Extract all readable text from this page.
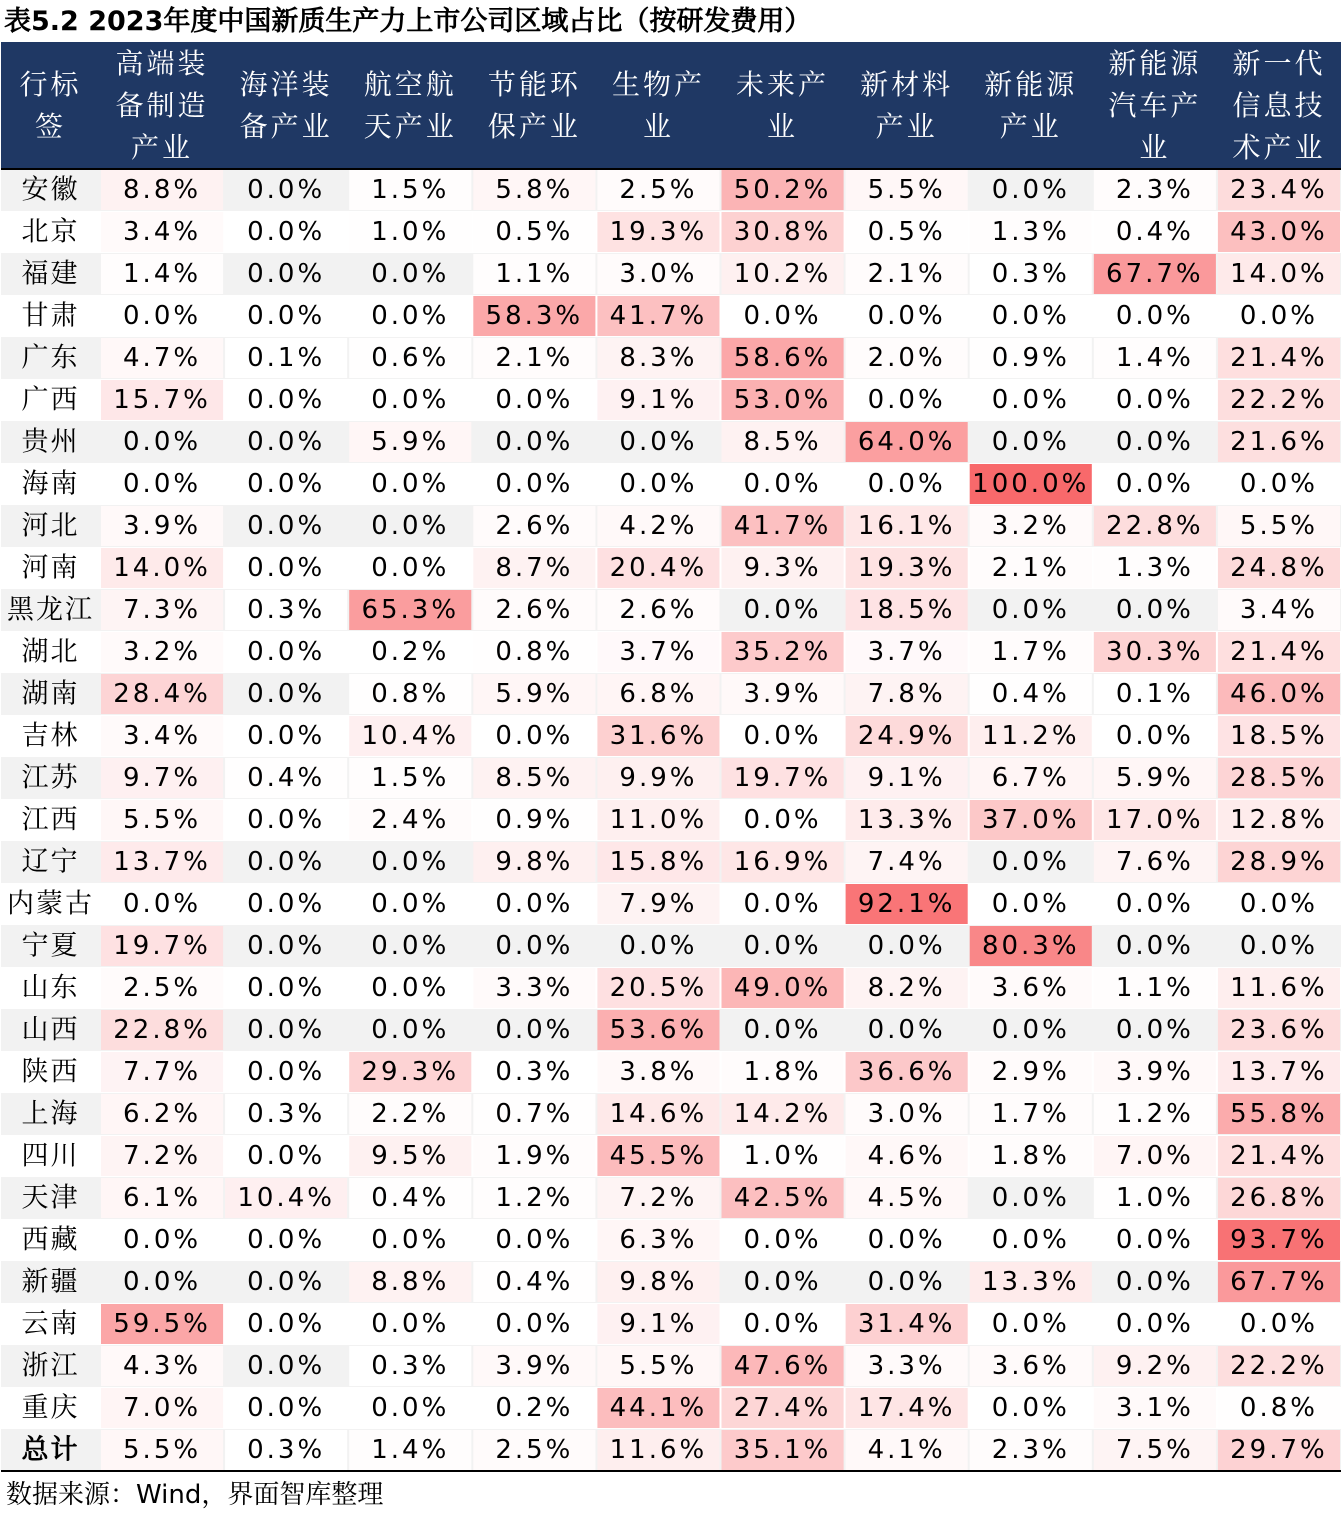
表5.2 2023年度中国新质生产力上市公司区域占比（按研发费用）
行标
签
高端装
备制造
产业
海洋装
备产业
航空航
天产业
节能环
保产业
生物产
业
未来产
业
新材料
产业
新能源
产业
新能源
汽车产
业
新一代
信息技
术产业
安徽 8.8% 0.0% 1.5% 5.8% 2.5% 50.2% 5.5% 0.0% 2.3% 23.4%
北京 3.4% 0.0% 1.0% 0.5% 19.3% 30.8% 0.5% 1.3% 0.4% 43.0%
福建 1.4% 0.0% 0.0% 1.1% 3.0% 10.2% 2.1% 0.3% 67.7% 14.0%
甘肃 0.0% 0.0% 0.0% 58.3% 41.7% 0.0% 0.0% 0.0% 0.0% 0.0%
广东 4.7% 0.1% 0.6% 2.1% 8.3% 58.6% 2.0% 0.9% 1.4% 21.4%
广西 15.7% 0.0% 0.0% 0.0% 9.1% 53.0% 0.0% 0.0% 0.0% 22.2%
贵州 0.0% 0.0% 5.9% 0.0% 0.0% 8.5% 64.0% 0.0% 0.0% 21.6%
海南 0.0% 0.0% 0.0% 0.0% 0.0% 0.0% 0.0% 100.0% 0.0% 0.0%
河北 3.9% 0.0% 0.0% 2.6% 4.2% 41.7% 16.1% 3.2% 22.8% 5.5%
河南 14.0% 0.0% 0.0% 8.7% 20.4% 9.3% 19.3% 2.1% 1.3% 24.8%
黑龙江 7.3% 0.3% 65.3% 2.6% 2.6% 0.0% 18.5% 0.0% 0.0% 3.4%
湖北 3.2% 0.0% 0.2% 0.8% 3.7% 35.2% 3.7% 1.7% 30.3% 21.4%
湖南 28.4% 0.0% 0.8% 5.9% 6.8% 3.9% 7.8% 0.4% 0.1% 46.0%
吉林 3.4% 0.0% 10.4% 0.0% 31.6% 0.0% 24.9% 11.2% 0.0% 18.5%
江苏 9.7% 0.4% 1.5% 8.5% 9.9% 19.7% 9.1% 6.7% 5.9% 28.5%
江西 5.5% 0.0% 2.4% 0.9% 11.0% 0.0% 13.3% 37.0% 17.0% 12.8%
辽宁 13.7% 0.0% 0.0% 9.8% 15.8% 16.9% 7.4% 0.0% 7.6% 28.9%
内蒙古 0.0% 0.0% 0.0% 0.0% 7.9% 0.0% 92.1% 0.0% 0.0% 0.0%
宁夏 19.7% 0.0% 0.0% 0.0% 0.0% 0.0% 0.0% 80.3% 0.0% 0.0%
山东 2.5% 0.0% 0.0% 3.3% 20.5% 49.0% 8.2% 3.6% 1.1% 11.6%
山西 22.8% 0.0% 0.0% 0.0% 53.6% 0.0% 0.0% 0.0% 0.0% 23.6%
陕西 7.7% 0.0% 29.3% 0.3% 3.8% 1.8% 36.6% 2.9% 3.9% 13.7%
上海 6.2% 0.3% 2.2% 0.7% 14.6% 14.2% 3.0% 1.7% 1.2% 55.8%
四川 7.2% 0.0% 9.5% 1.9% 45.5% 1.0% 4.6% 1.8% 7.0% 21.4%
天津 6.1% 10.4% 0.4% 1.2% 7.2% 42.5% 4.5% 0.0% 1.0% 26.8%
西藏 0.0% 0.0% 0.0% 0.0% 6.3% 0.0% 0.0% 0.0% 0.0% 93.7%
新疆 0.0% 0.0% 8.8% 0.4% 9.8% 0.0% 0.0% 13.3% 0.0% 67.7%
云南 59.5% 0.0% 0.0% 0.0% 9.1% 0.0% 31.4% 0.0% 0.0% 0.0%
浙江 4.3% 0.0% 0.3% 3.9% 5.5% 47.6% 3.3% 3.6% 9.2% 22.2%
重庆 7.0% 0.0% 0.0% 0.2% 44.1% 27.4% 17.4% 0.0% 3.1% 0.8%
总计 5.5% 0.3% 1.4% 2.5% 11.6% 35.1% 4.1% 2.3% 7.5% 29.7%
数据来源：Wind，界面智库整理
